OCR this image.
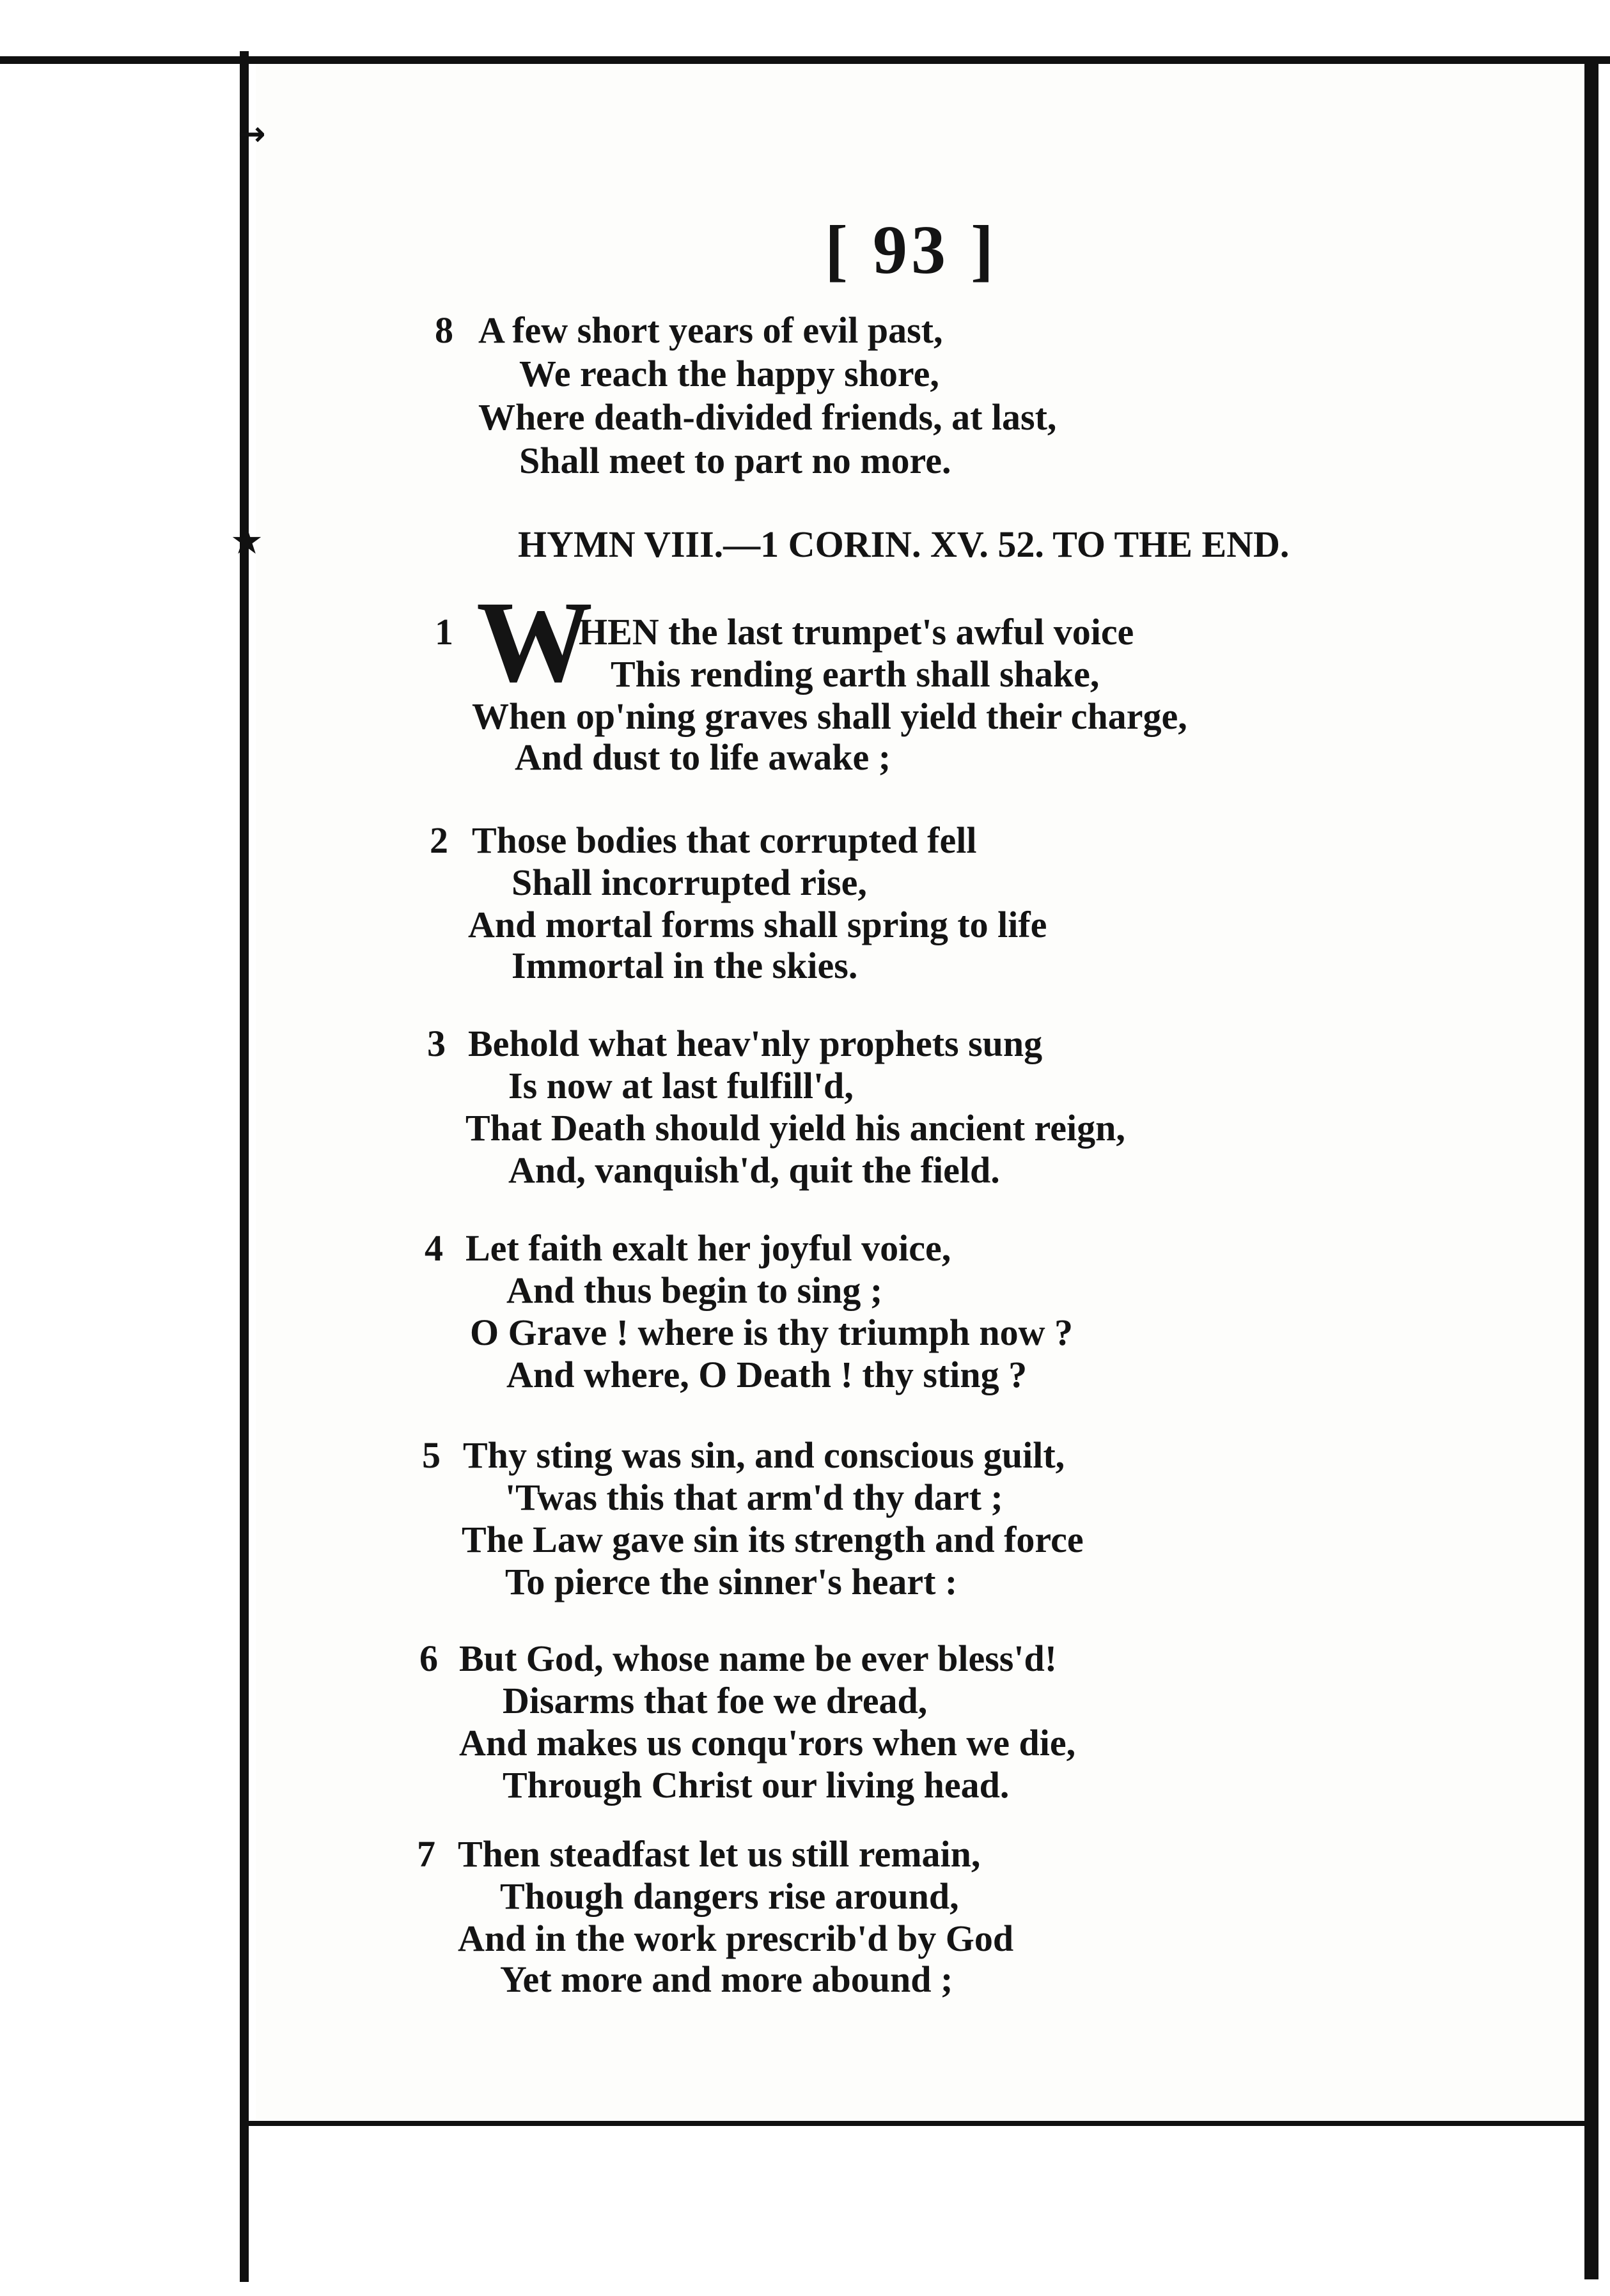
→
★
[ 93 ]
8 A few short years of evil past,
We reach the happy shore,
Where death-divided friends, at last,
Shall meet to part no more.
HYMN VIII.—1 CORIN. XV. 52. TO THE END.
1 W
HEN the last trumpet's awful voice
This rending earth shall shake,
When op'ning graves shall yield their charge,
And dust to life awake ;
2 Those bodies that corrupted fell
Shall incorrupted rise,
And mortal forms shall spring to life
Immortal in the skies.
3 Behold what heav'nly prophets sung
Is now at last fulfill'd,
That Death should yield his ancient reign,
And, vanquish'd, quit the field.
4 Let faith exalt her joyful voice,
And thus begin to sing ;
O Grave ! where is thy triumph now ?
And where, O Death ! thy sting ?
5 Thy sting was sin, and conscious guilt,
'Twas this that arm'd thy dart ;
The Law gave sin its strength and force
To pierce the sinner's heart :
6 But God, whose name be ever bless'd!
Disarms that foe we dread,
And makes us conqu'rors when we die,
Through Christ our living head.
7 Then steadfast let us still remain,
Though dangers rise around,
And in the work prescrib'd by God
Yet more and more abound ;
